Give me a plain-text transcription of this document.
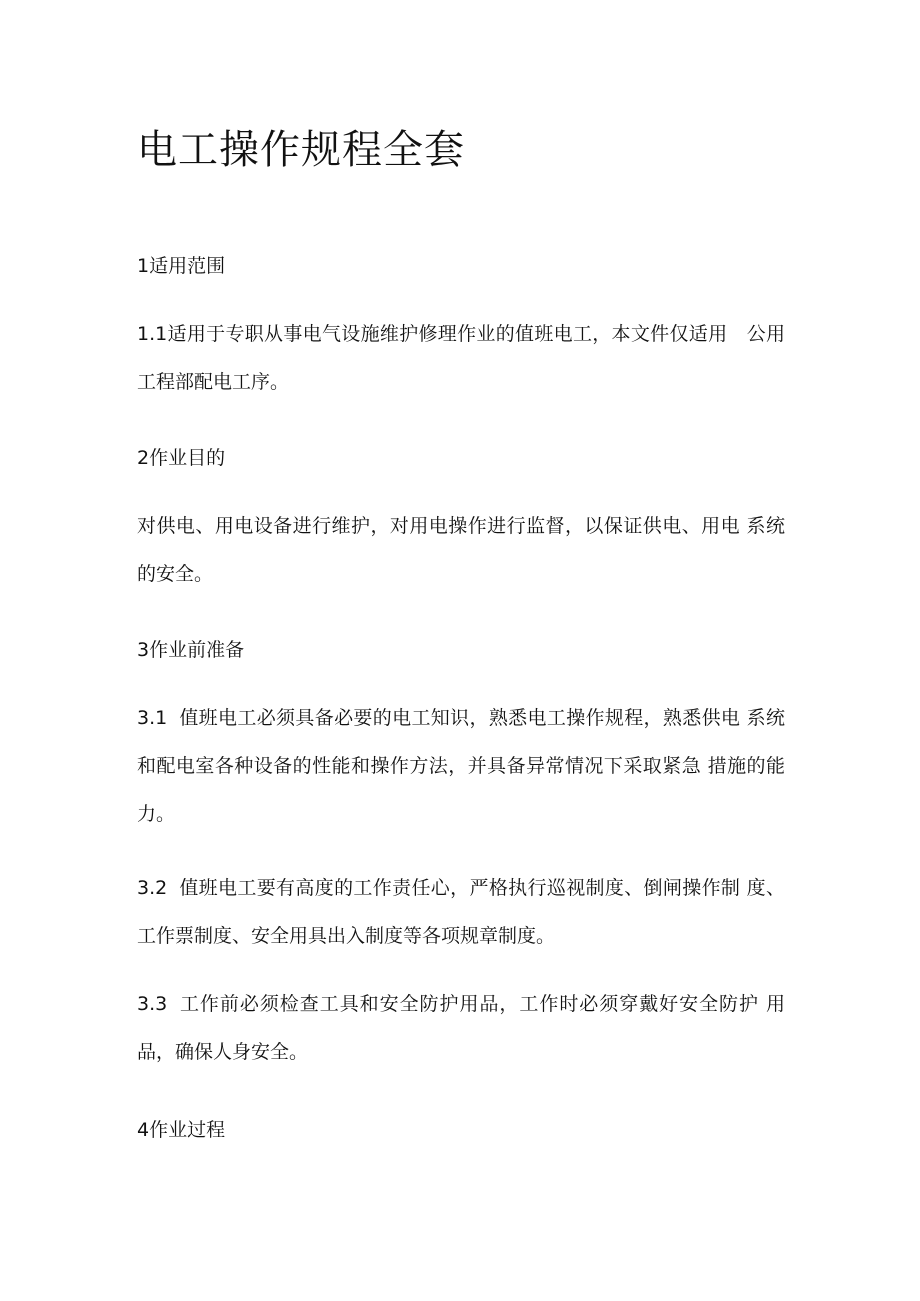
电工操作规程全套

1适用范围

1.1适用于专职从事电气设施维护修理作业的值班电工，本文件仅适用　公用工程部配电工序。

2作业目的

对供电、用电设备进行维护，对用电操作进行监督，以保证供电、用电 系统的安全。

3作业前准备

3.1 值班电工必须具备必要的电工知识，熟悉电工操作规程，熟悉供电 系统和配电室各种设备的性能和操作方法，并具备异常情况下采取紧急 措施的能力。

3.2 值班电工要有高度的工作责任心，严格执行巡视制度、倒闸操作制 度、工作票制度、安全用具出入制度等各项规章制度。

3.3 工作前必须检查工具和安全防护用品，工作时必须穿戴好安全防护 用品，确保人身安全。

4作业过程
